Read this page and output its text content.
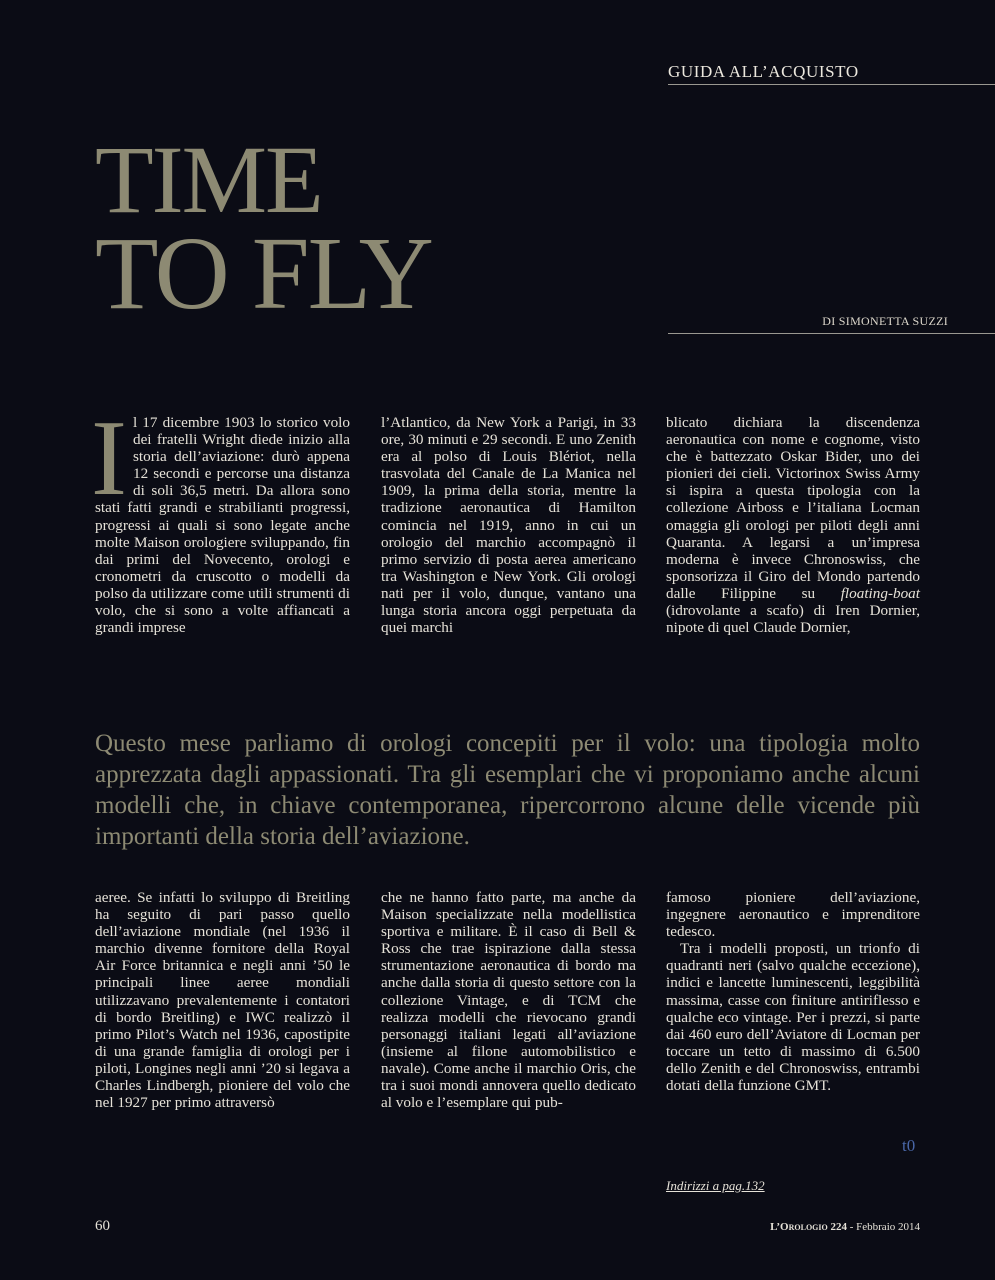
GUIDA ALL’ACQUISTO
TIME
TO FLY	DI SIMONETTA SUZZI
I l 17 dicembre 1903 lo storico volo dei fratelli Wright diede inizio alla storia dell’aviazione: durò appena 12 secondi e percorse una distanza di soli 36,5 metri. Da allora sono stati fatti grandi e strabilianti progressi, progressi ai quali si sono legate anche molte Maison orologiere sviluppando, fin dai primi del Novecento, orologi e cronometri da cruscotto o modelli da polso da utilizzare come utili strumenti di volo, che si sono a volte affiancati a grandi imprese
l’Atlantico, da New York a Parigi, in 33 ore, 30 minuti e 29 secondi. E uno Zenith era al polso di Louis Blériot, nella trasvolata del Canale de La Manica nel 1909, la prima della storia, mentre la tradizione aeronautica di Hamilton comincia nel 1919, anno in cui un orologio del marchio accompagnò il primo servizio di posta aerea americano tra Washington e New York. Gli orologi nati per il volo, dunque, vantano una lunga storia ancora oggi perpetuata da quei marchi
blicato dichiara la discendenza aeronautica con nome e cognome, visto che è battezzato Oskar Bider, uno dei pionieri dei cieli. Victorinox Swiss Army si ispira a questa tipologia con la collezione Airboss e l’italiana Locman omaggia gli orologi per piloti degli anni Quaranta. A legarsi a un’impresa moderna è invece Chronoswiss, che sponsorizza il Giro del Mondo partendo dalle Filippine su floating-boat (idrovolante a scafo) di Iren Dornier, nipote di quel Claude Dornier,
Questo mese parliamo di orologi concepiti per il volo: una tipologia molto apprezzata dagli appassionati. Tra gli esemplari che vi proponiamo anche alcuni modelli che, in chiave contemporanea, ripercorrono alcune delle vicende più importanti della storia dell’aviazione.
aeree. Se infatti lo sviluppo di Breitling ha seguito di pari passo quello dell’aviazione mondiale (nel 1936 il marchio divenne fornitore della Royal Air Force britannica e negli anni ’50 le principali linee aeree mondiali utilizzavano prevalentemente i contatori di bordo Breitling) e IWC realizzò il primo Pilot’s Watch nel 1936, capostipite di una grande famiglia di orologi per i piloti, Longines negli anni ’20 si legava a Charles Lindbergh, pioniere del volo che nel 1927 per primo attraversò
che ne hanno fatto parte, ma anche da Maison specializzate nella modellistica sportiva e militare. È il caso di Bell & Ross che trae ispirazione dalla stessa strumentazione aeronautica di bordo ma anche dalla storia di questo settore con la collezione Vintage, e di TCM che realizza modelli che rievocano grandi personaggi italiani legati all’aviazione (insieme al filone automobilistico e navale). Come anche il marchio Oris, che tra i suoi mondi annovera quello dedicato al volo e l’esemplare qui pub-

famoso pioniere dell’aviazione, ingegnere aeronautico e imprenditore tedesco.

Tra i modelli proposti, un trionfo di quadranti neri (salvo qualche eccezione), indici e lancette luminescenti, leggibilità massima, casse con finiture antiriflesso e qualche eco vintage. Per i prezzi, si parte dai 460 euro dell’Aviatore di Locman per toccare un tetto di massimo di 6.500 dello Zenith e del Chronoswiss, entrambi dotati della funzione GMT.

t0
Indirizzi a pag.132
60	L’Orologio 224 - Febbraio 2014
